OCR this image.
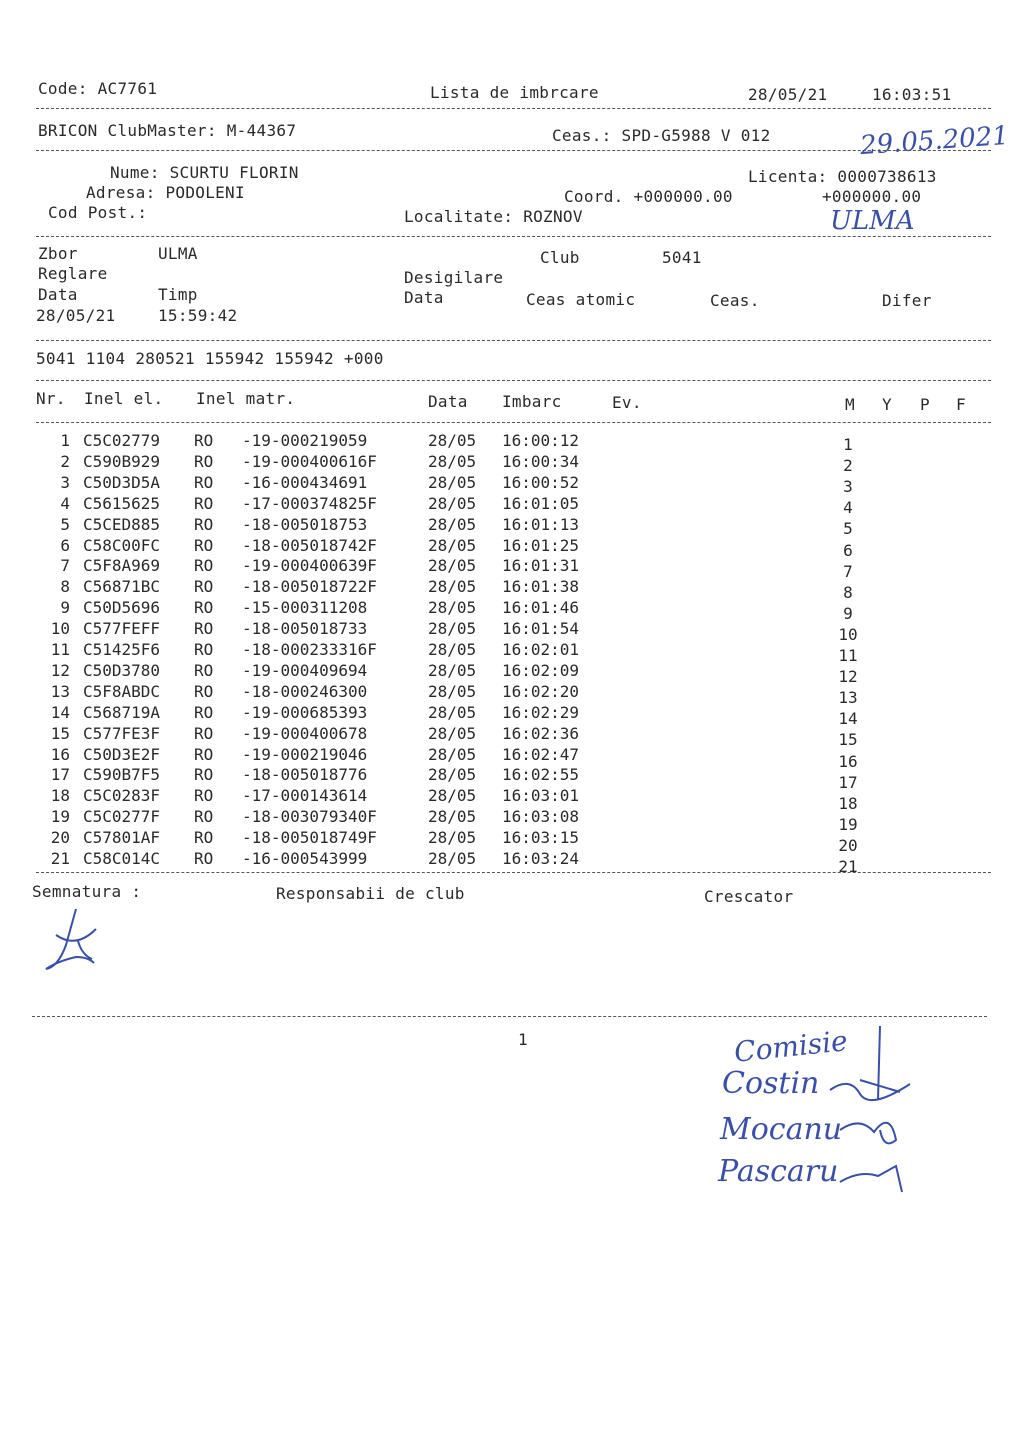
Code: AC7761	Lista de imbrcare	28/05/21	16:03:51
BRICON ClubMaster: M-44367	Ceas.: SPD-G5988 V 012	29.05.2021
Nume: SCURTU FLORIN
Adresa: PODOLENI
Cod Post.:
Licenta: 0000738613
Coord. +000000.00	+000000.00
Localitate: ROZNOV	ULMA
Zbor	ULMA	Club	5041
Reglare	Desigilare
Data	Timp	Data	Ceas atomic	Ceas.	Difer
28/05/21	15:59:42
5041 1104 280521 155942 155942 +000
Nr. Inel el. Inel matr.	Data Imbarc	Ev.	M Y P F
1 C5C02779 RO -19-000219059	28/05 16:00:12	1
2 C590B929 RO -19-000400616F	28/05 16:00:34	2
3 C50D3D5A RO -16-000434691	28/05 16:00:52	3
4 C5615625 RO -17-000374825F	28/05 16:01:05	4
5 C5CED885 RO -18-005018753	28/05 16:01:13	5
6 C58C00FC RO -18-005018742F	28/05 16:01:25	6
7 C5F8A969 RO -19-000400639F	28/05 16:01:31	7
8 C56871BC RO -18-005018722F	28/05 16:01:38	8
9 C50D5696 RO -15-000311208	28/05 16:01:46	9
10 C577FEFF RO -18-005018733	28/05 16:01:54	10
11 C51425F6 RO -18-000233316F	28/05 16:02:01	11
12 C50D3780 RO -19-000409694	28/05 16:02:09	12
13 C5F8ABDC RO -18-000246300	28/05 16:02:20	13
14 C568719A RO -19-000685393	28/05 16:02:29	14
15 C577FE3F RO -19-000400678	28/05 16:02:36	15
16 C50D3E2F RO -19-000219046	28/05 16:02:47	16
17 C590B7F5 RO -18-005018776	28/05 16:02:55	17
18 C5C0283F RO -17-000143614	28/05 16:03:01	18
19 C5C0277F RO -18-003079340F	28/05 16:03:08	19
20 C57801AF RO -18-005018749F	28/05 16:03:15	20
21 C58C014C RO -16-000543999	28/05 16:03:24	21
Semnatura :	Responsabii de club	Crescator
1	Comisie
Costin
Mocanu
Pascaru
